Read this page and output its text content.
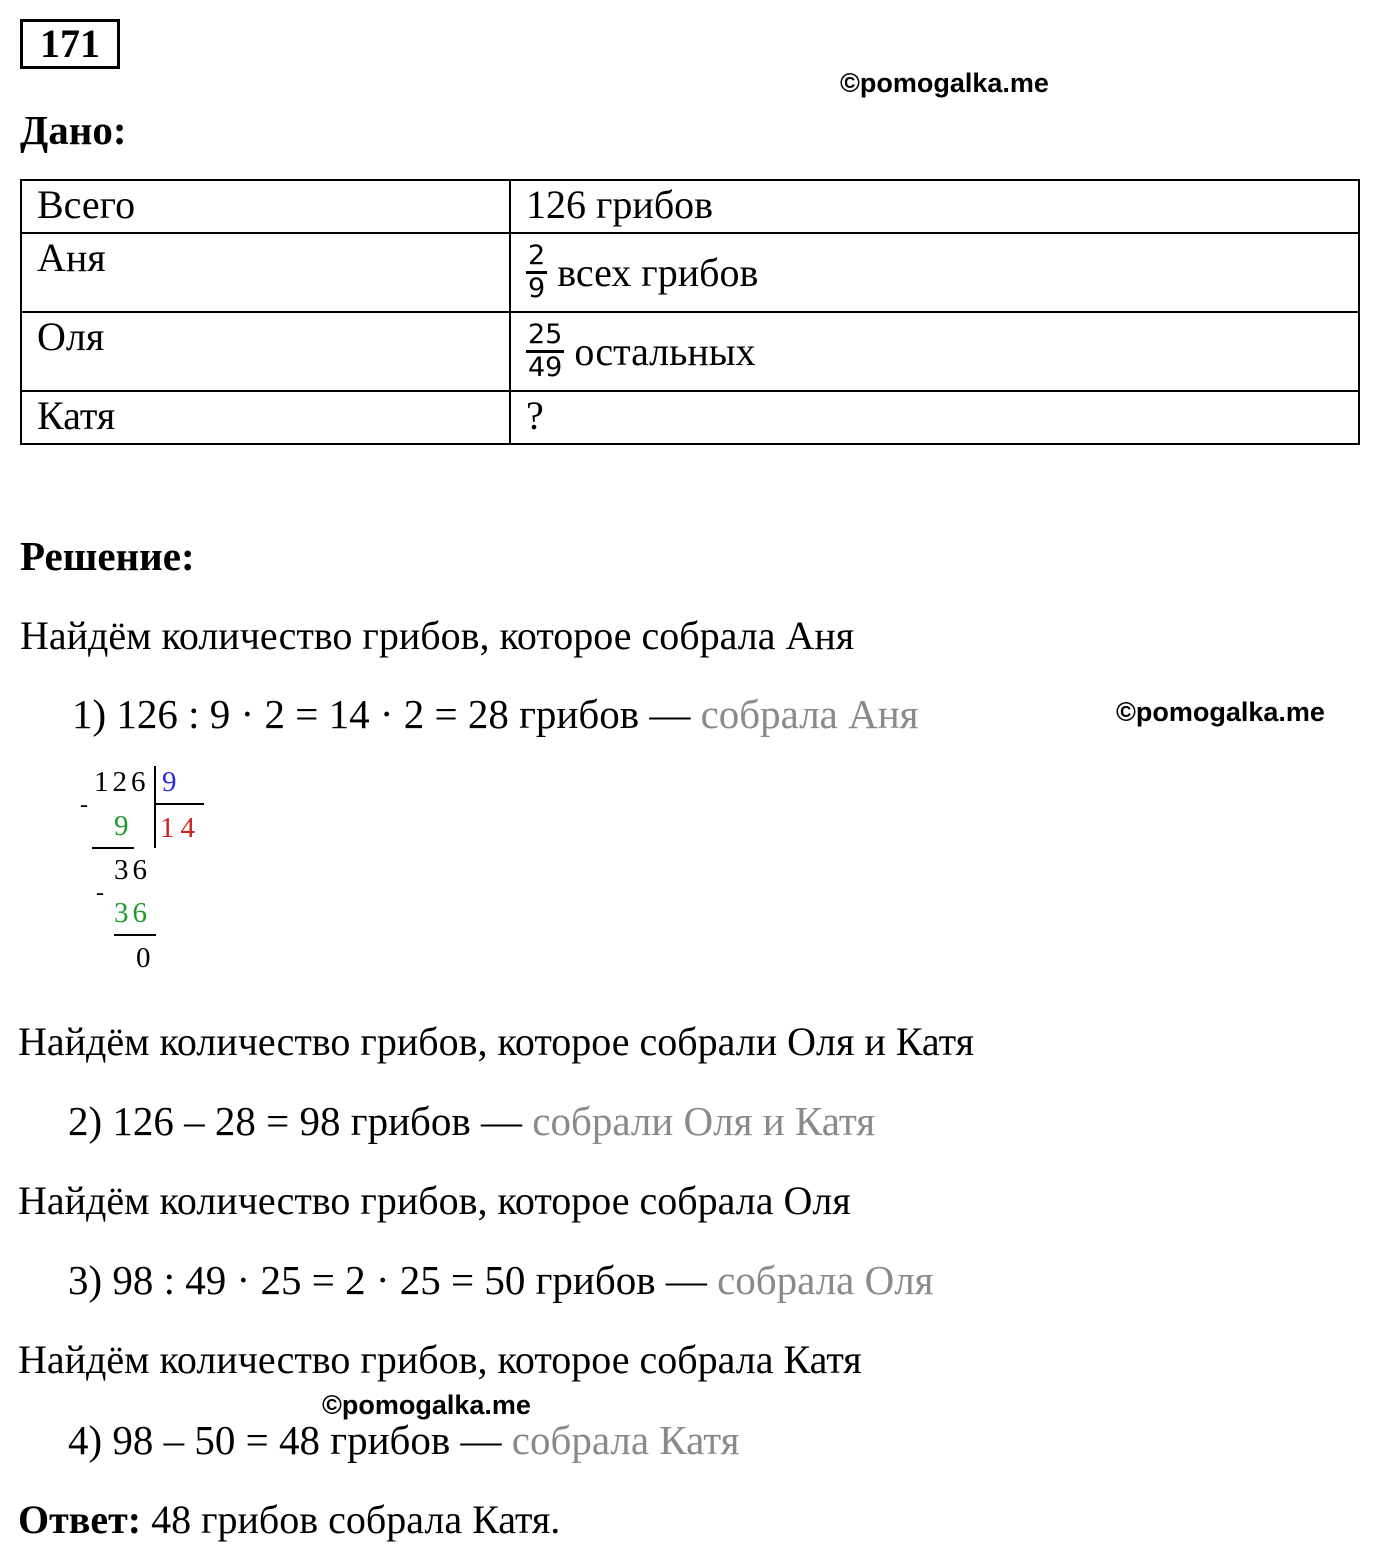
171
©pomogalka.me
©pomogalka.me
©pomogalka.me
Дано:
Всего	126 грибов
Аня	$\frac{2}{9}$ всех грибов

Оля	$\frac{25}{49}$ остальных

Катя	?
Решение:
Найдём количество грибов, которое собрала Аня
1) 126 : 9 · 2 = 14 · 2 = 28 грибов — собрала Аня
126 9
14
-
9
36
-
36
0
Найдём количество грибов, которое собрали Оля и Катя
2) 126 – 28 = 98 грибов — собрали Оля и Катя
Найдём количество грибов, которое собрала Оля
3) 98 : 49 · 25 = 2 · 25 = 50 грибов — собрала Оля
Найдём количество грибов, которое собрала Катя
4) 98 – 50 = 48 грибов — собрала Катя
Ответ: 48 грибов собрала Катя.
